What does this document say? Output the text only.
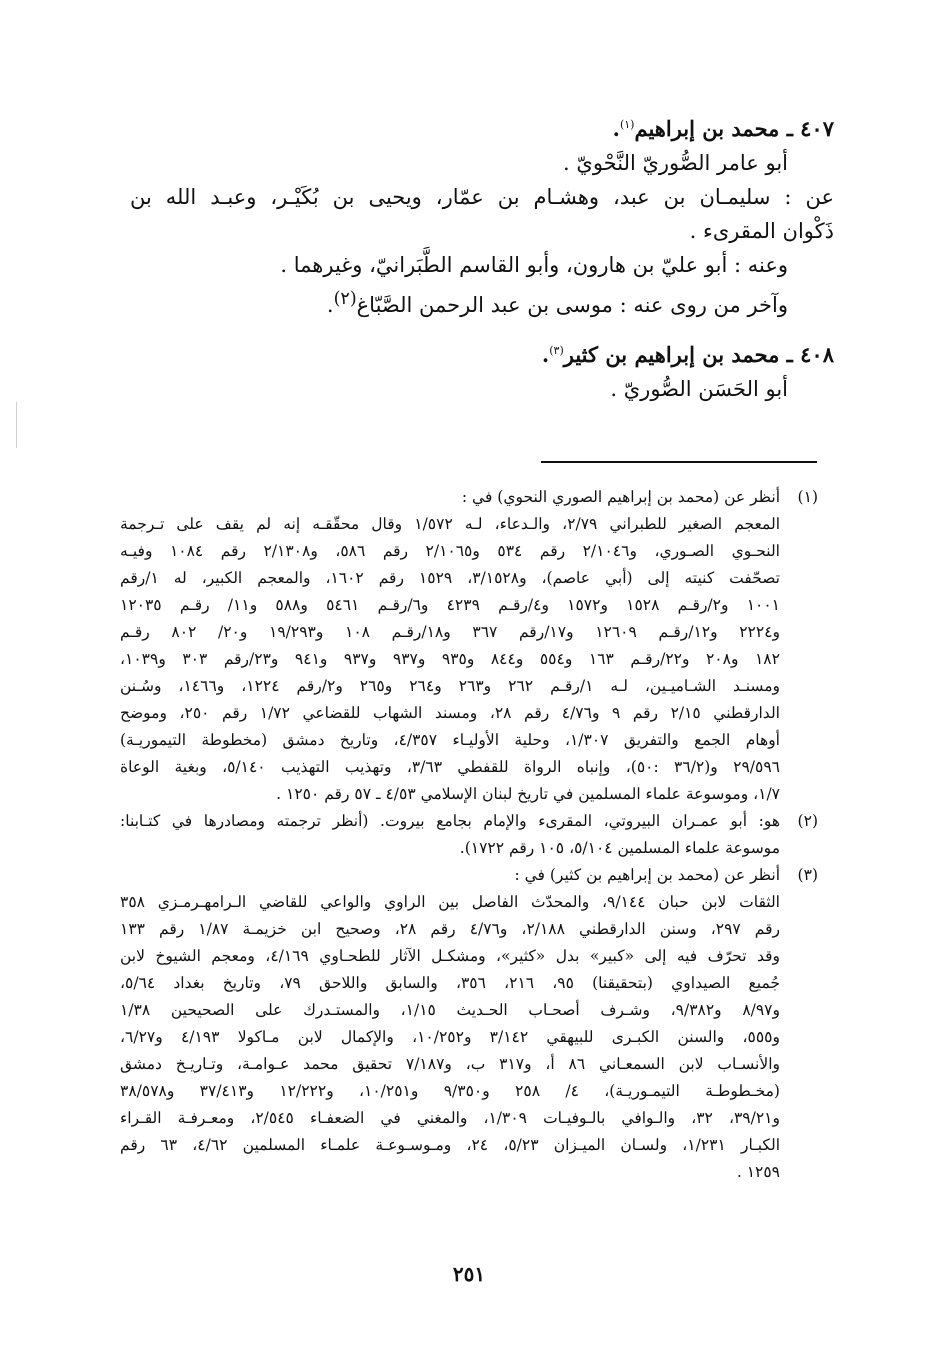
٤٠٧ ـ محمد بن إبراهيم$^{(١)}$.

أبو عامر الصُّوريّ النَّحْويّ .

عن : سليمـان بن عبد، وهشـام بن عمّار، ويحيى بن بُكَيْـر، وعبـد الله بن

ذَكْوان المقرىء .

وعنه : أبو عليّ بن هارون، وأبو القاسم الطَّبَرانيّ، وغيرهما .

وآخر من روى عنه : موسى بن عبد الرحمن الصَّبّاغ$^{(٢)}$.

٤٠٨ ـ محمد بن إبراهيم بن كثير$^{(٣)}$.

أبو الحَسَن الصُّوريّ .

(١)
أنظر عن (محمد بن إبراهيم الصوري النحوي) في :
المعجم الصغير للطبراني ٢/٧٩، والـدعاء، لـه ١/٥٧٢ وقال محقّقـه إنه لم يقف على تـرجمة
النحـوي الصـوري، و٢/١٠٤٦ رقم ٥٣٤ و٢/١٠٦٥ رقم ٥٨٦، و٢/١٣٠٨ رقم ١٠٨٤ وفيـه
تصحّفت كنيته إلى (أبي عاصم)، و٣/١٥٢٨، ١٥٢٩ رقم ١٦٠٢، والمعجم الكبير، له ١/رقم
١٠٠١ و٢/رقـم ١٥٢٨ و١٥٧٢ و٤/رقـم ٤٢٣٩ و٦/رقـم ٥٤٦١ و٥٨٨ و١١/ رقـم ١٢٠٣٥
و٢٢٢٤ و١٢/رقـم ١٢٦٠٩ و١٧/رقم ٣٦٧ و١٨/رقـم ١٠٨ و١٩/٢٩٣ و٢٠/ ٨٠٢ رقـم
١٨٢ و٢٠٨ و٢٢/رقـم ١٦٣ و٥٥٤ و٨٤٤ و٩٣٥ و٩٣٧ و٩٣٧ و٩٤١ و٢٣/رقم ٣٠٣ و١٠٣٩،
ومسنـد الشـاميـين، لـه ١/رقـم ٢٦٢ و٢٦٣ و٢٦٤ و٢٦٥ و٢/رقم ١٢٢٤، و١٤٦٦، وسُـنن
الدارقطني ٢/١٥ رقم ٩ و٤/٧٦ رقم ٢٨، ومسند الشهاب للقضاعي ١/٧٢ رقم ٢٥٠، وموضح
أوهام الجمع والتفريق ١/٣٠٧، وحلية الأوليـاء ٤/٣٥٧، وتاريخ دمشق (مخطوطة التيموريـة)
٢٩/٥٩٦ و(٣٦/٢ :٥٠)، وإنباه الرواة للقفطي ٣/٦٣، وتهذيب التهذيب ٥/١٤٠، وبغية الوعاة
١/٧، وموسوعة علماء المسلمين في تاريخ لبنان الإسلامي ٤/٥٣ ـ ٥٧ رقم ١٢٥٠ .
(٢)
هو: أبو عمـران البيروتي، المقرىء والإمام بجامع بيروت. (أنظر ترجمته ومصادرها في كتـابنا:
موسوعة علماء المسلمين ٥/١٠٤، ١٠٥ رقم ١٧٢٢).
(٣)
أنظر عن (محمد بن إبراهيم بن كثير) في :
الثقات لابن حبان ٩/١٤٤، والمحدّث الفاصل بين الراوي والواعي للقاضي الـرامهـرمـزي ٣٥٨
رقم ٢٩٧، وسنن الدارقطني ٢/١٨٨، و٤/٧٦ رقم ٢٨، وصحيح ابن خزيمـة ١/٨٧ رقم ١٣٣
وقد تحرّف فيه إلى «كبير» بدل «كثير»، ومشكـل الآثار للطحـاوي ٤/١٦٩، ومعجم الشيوخ لابن
جُميع الصيداوي (بتحقيقنا) ٩٥، ٢١٦، ٣٥٦، والسابق واللاحق ٧٩، وتاريخ بغداد ٥/٦٤،
و٨/٩٧ و٩/٣٨٢، وشـرف أصحـاب الحـديث ١/١٥، والمستـدرك على الصحيحين ١/٣٨
و٥٥٥، والسنن الكبـرى للبيهقي ٣/١٤٢ و١٠/٢٥٢، والإكمال لابن مـاكولا ٤/١٩٣ و٦/٢٧،
والأنسـاب لابن السمعـاني ٨٦ أ، و٣١٧ ب، و٧/١٨٧ تحقيق محمد عـوامـة، وتـاريـخ دمشق
(مخـطوطـة التيمـوريـة)، ٤/ ٢٥٨ و٩/٣٥٠ و١٠/٢٥١، و١٢/٢٢٢ و٣٧/٤١٣ و٣٨/٥٧٨
و٣٩/٢١، ٣٢، والـوافي بالـوفيـات ١/٣٠٩، والمغني في الضعفـاء ٢/٥٤٥، ومعـرفـة القـراء
الكبـار ١/٢٣١، ولسـان الميـزان ٥/٢٣، ٢٤، ومـوسـوعـة علمـاء المسلمين ٤/٦٢، ٦٣ رقم
١٢٥٩ .
٢٥١
